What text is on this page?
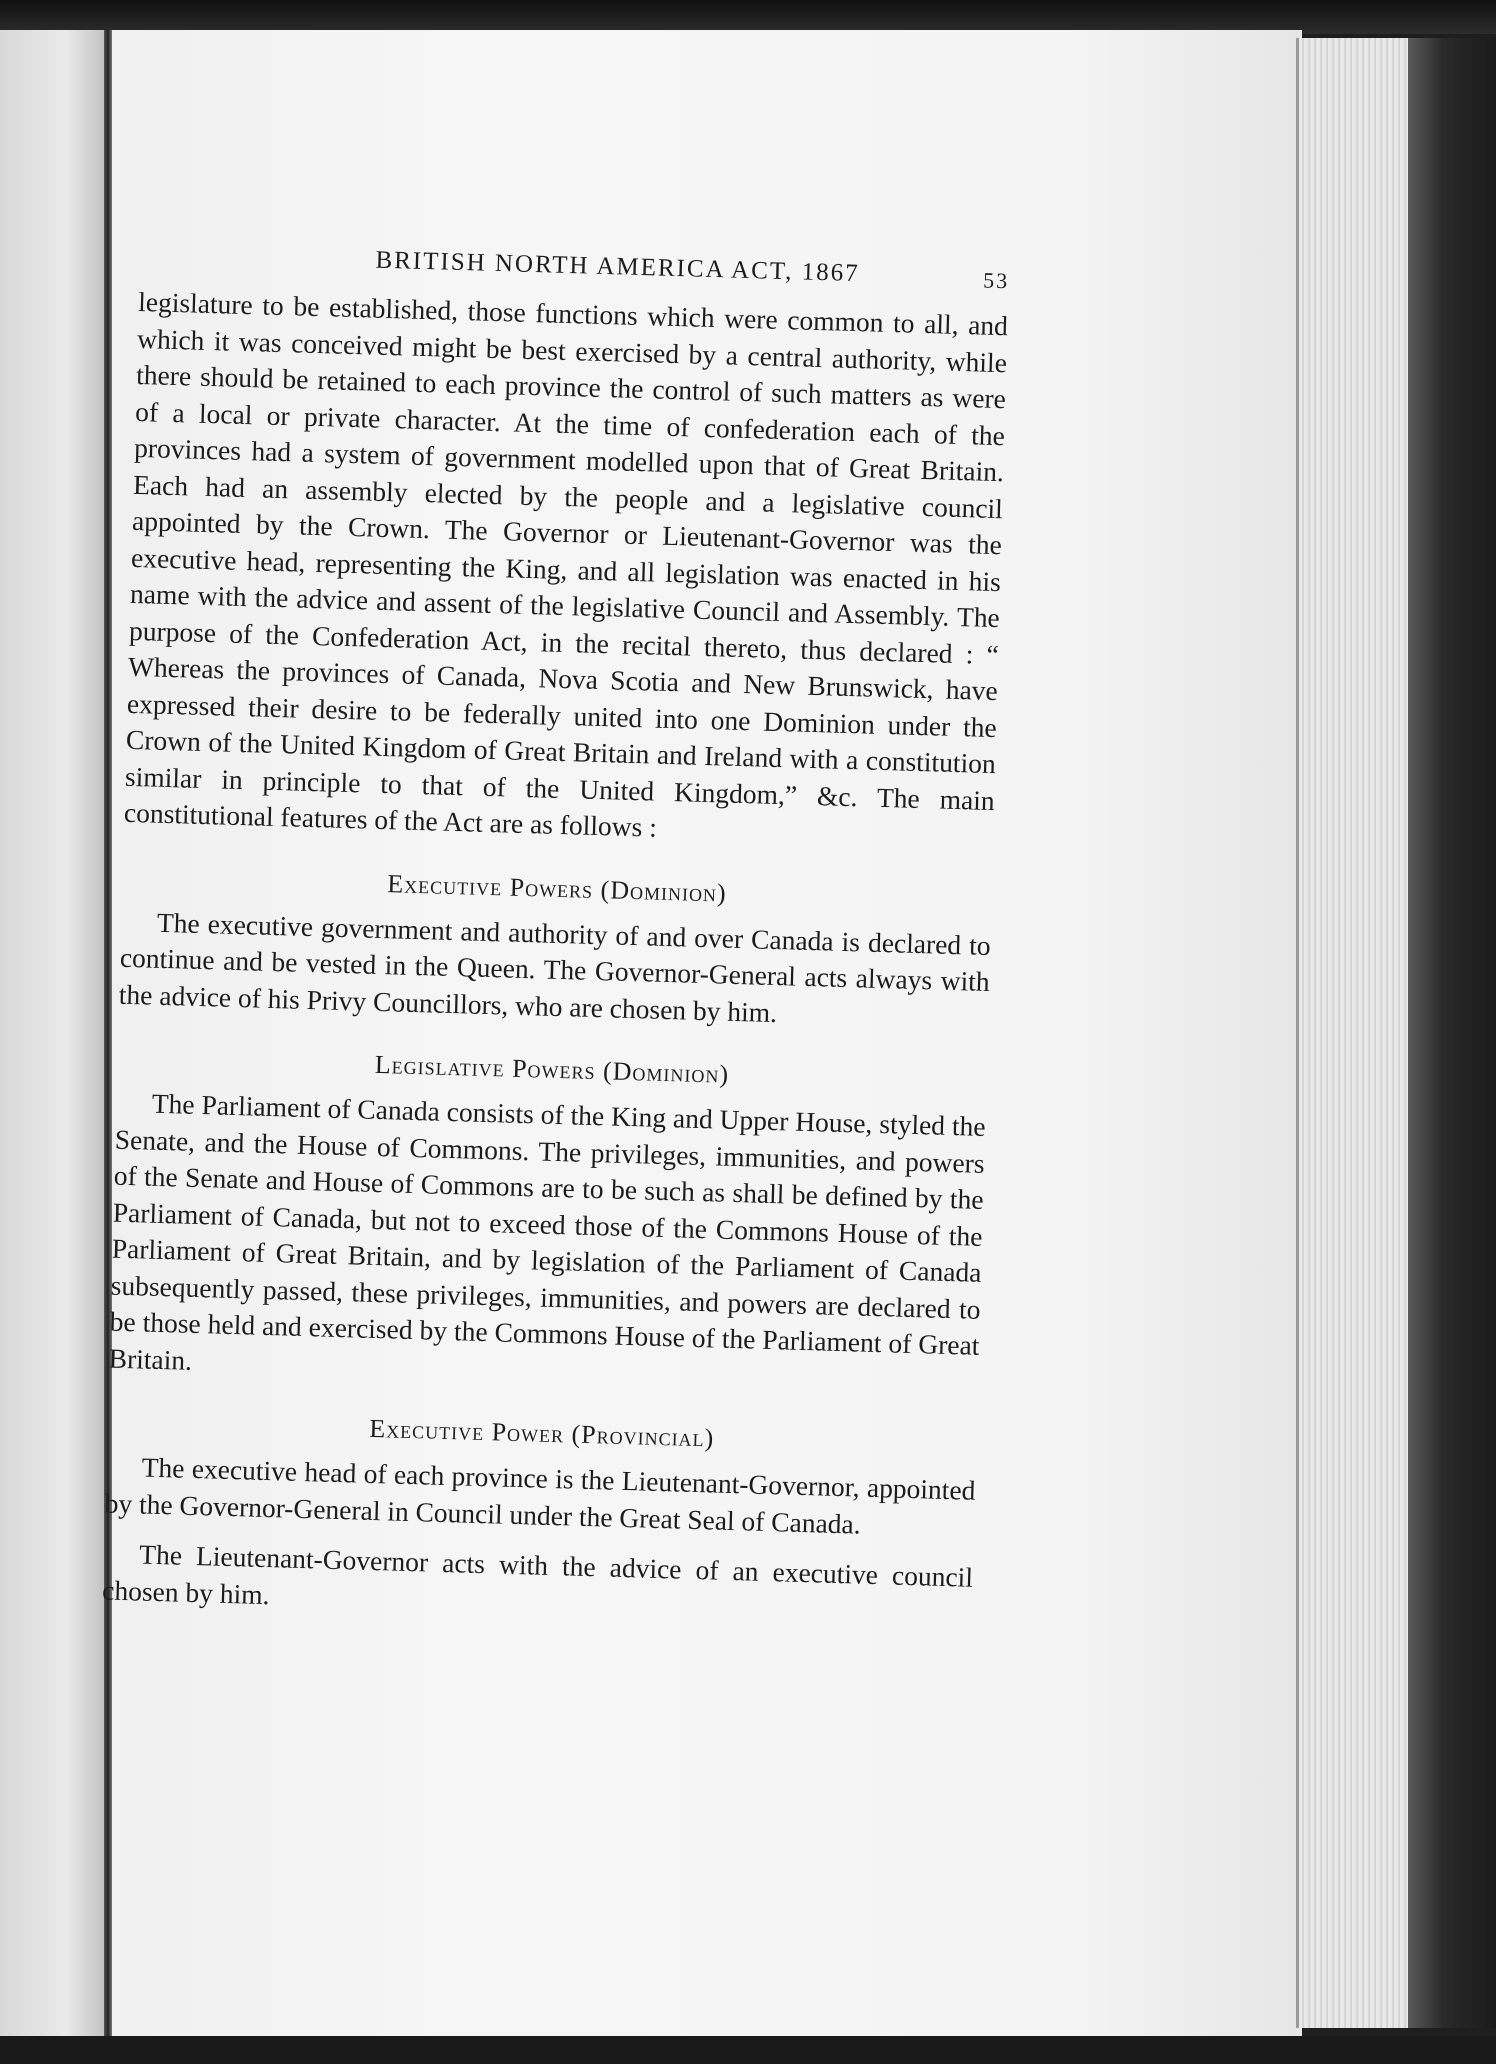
BRITISH NORTH AMERICA ACT, 1867	53

legislature to be established, those functions which were common to all, and which it was conceived might be best exercised by a central authority, while there should be retained to each province the control of such matters as were of a local or private character. At the time of confederation each of the provinces had a system of government modelled upon that of Great Britain. Each had an assembly elected by the people and a legislative council appointed by the Crown. The Governor or Lieutenant-Governor was the executive head, representing the King, and all legislation was enacted in his name with the advice and assent of the legislative Council and Assembly. The purpose of the Confederation Act, in the recital thereto, thus declared : “ Whereas the provinces of Canada, Nova Scotia and New Brunswick, have expressed their desire to be federally united into one Dominion under the Crown of the United Kingdom of Great Britain and Ireland with a constitution similar in principle to that of the United Kingdom,” &c. The main constitutional features of the Act are as follows :

Executive Powers (Dominion)

The executive government and authority of and over Canada is declared to continue and be vested in the Queen. The Governor-General acts always with the advice of his Privy Councillors, who are chosen by him.

Legislative Powers (Dominion)

The Parliament of Canada consists of the King and Upper House, styled the Senate, and the House of Commons. The privileges, immunities, and powers of the Senate and House of Commons are to be such as shall be defined by the Parliament of Canada, but not to exceed those of the Commons House of the Parliament of Great Britain, and by legislation of the Parliament of Canada subsequently passed, these privileges, immunities, and powers are declared to be those held and exercised by the Commons House of the Parliament of Great Britain.

Executive Power (Provincial)

The executive head of each province is the Lieutenant-Governor, appointed by the Governor-General in Council under the Great Seal of Canada.

The Lieutenant-Governor acts with the advice of an executive council chosen by him.
